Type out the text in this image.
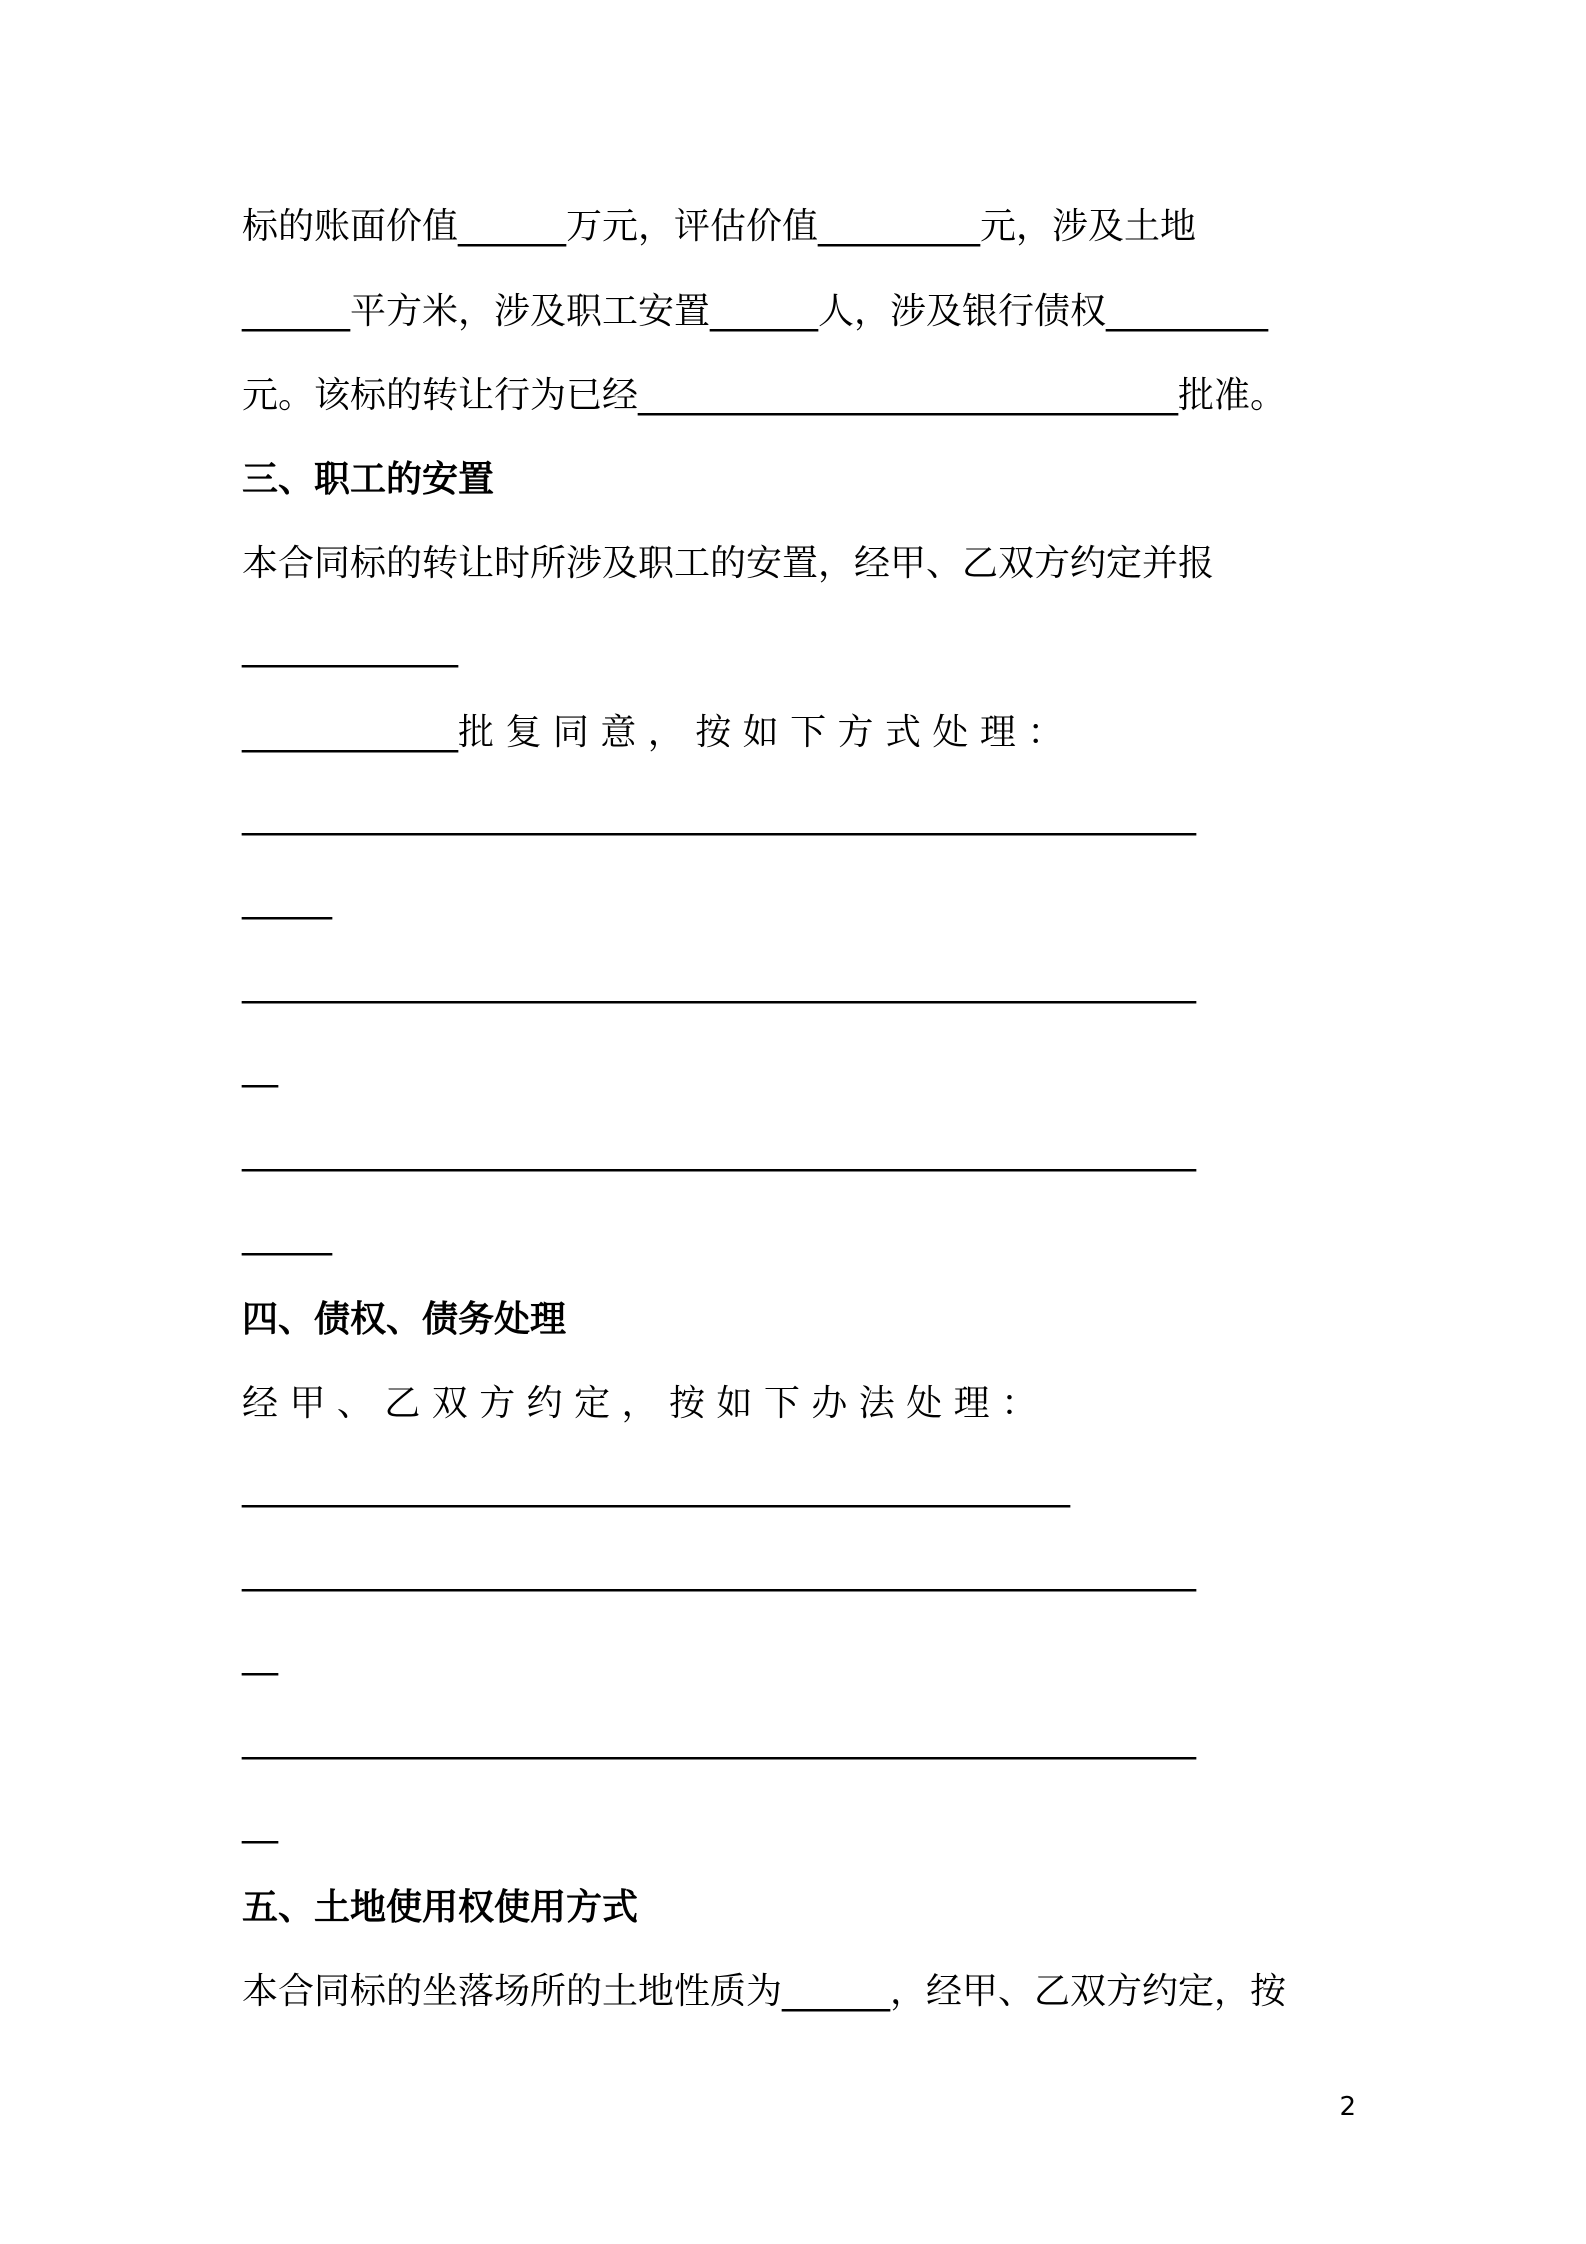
标的账面价值______万元，评估价值_________元，涉及土地
______平方米，涉及职工安置______人，涉及银行债权_________
元。该标的转让行为已经______________________________批准。
三、职工的安置
本合同标的转让时所涉及职工的安置，经甲、乙双方约定并报
____________
____________批 复 同 意 ， 按 如 下 方 式 处 理 ：
_____________________________________________________
_____
_____________________________________________________
__
_____________________________________________________
_____
四、债权、债务处理
经 甲 、 乙 双 方 约 定 ， 按 如 下 办 法 处 理 ：
______________________________________________
_____________________________________________________
__
_____________________________________________________
__
五、土地使用权使用方式
本合同标的坐落场所的土地性质为______，经甲、乙双方约定，按
2
